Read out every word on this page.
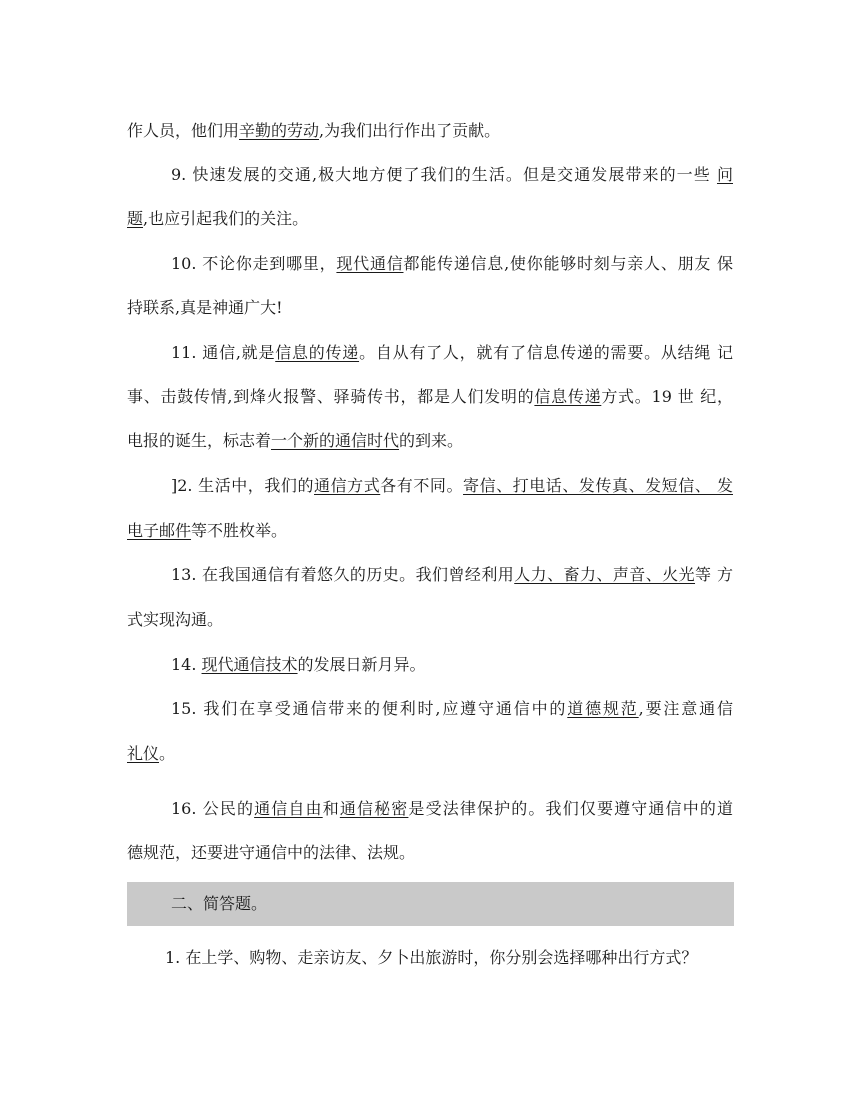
作人员，他们用辛勤的劳动,为我们出行作出了贡献。
9. 快速发展的交通,极大地方便了我们的生活。但是交通发展带来的一些 问
题,也应引起我们的关注。
10. 不论你走到哪里，现代通信都能传递信息,使你能够时刻与亲人、朋友 保
持联系,真是神通广大!
11. 通信,就是信息的传递。自从有了人，就有了信息传递的需要。从结绳 记
事、击鼓传情,到烽火报警、驿骑传书，都是人们发明的信息传递方式。19 世 纪，
电报的诞生，标志着一个新的通信时代的到来。
]2. 生活中，我们的通信方式各有不同。寄信、打电话、发传真、发短信、 发
电子邮件等不胜枚举。
13. 在我国通信有着悠久的历史。我们曾经利用人力、畜力、声音、火光等 方
式实现沟通。
14. 现代通信技术的发展日新月异。
15. 我们在享受通信带来的便利时,应遵守通信中的道德规范,要注意通信
礼仪。
16. 公民的通信自由和通信秘密是受法律保护的。我们仅要遵守通信中的道
德规范，还要进守通信中的法律、法规。
二、简答题。
1. 在上学、购物、走亲访友、夕卜出旅游时，你分别会选择哪种出行方式？
